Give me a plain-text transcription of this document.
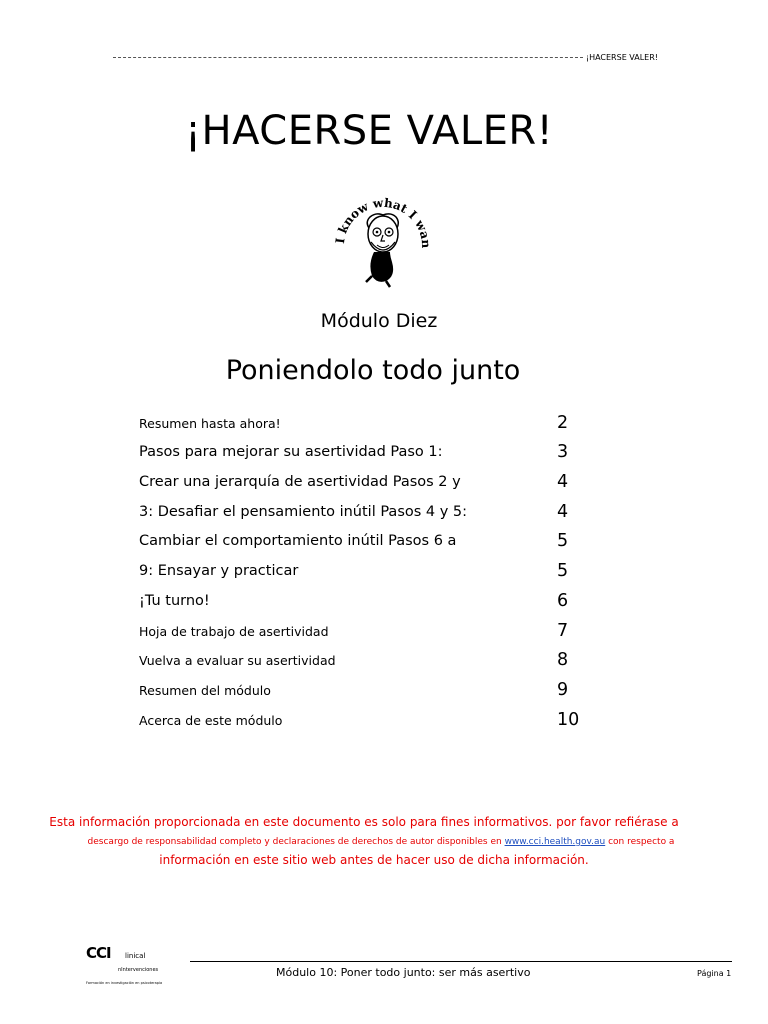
¡HACERSE VALER!
¡HACERSE VALER!
I know what I wan
Módulo Diez
Poniendolo todo junto
Resumen hasta ahora!	2
Pasos para mejorar su asertividad Paso 1:	3
Crear una jerarquía de asertividad Pasos 2 y	4
3: Desafiar el pensamiento inútil Pasos 4 y 5:	4
Cambiar el comportamiento inútil Pasos 6 a	5
9: Ensayar y practicar	5
¡Tu turno!	6
Hoja de trabajo de asertividad	7
Vuelva a evaluar su asertividad	8
Resumen del módulo	9
Acerca de este módulo	10
Esta información proporcionada en este documento es solo para fines informativos. por favor refiérase a
descargo de responsabilidad completo y declaraciones de derechos de autor disponibles en www.cci.health.gov.au con respecto a
información en este sitio web antes de hacer uso de dicha información.
CCI linical
nIntervenciones
Formación en investigación en psicoterapia
Módulo 10: Poner todo junto: ser más asertivo	Página 1
